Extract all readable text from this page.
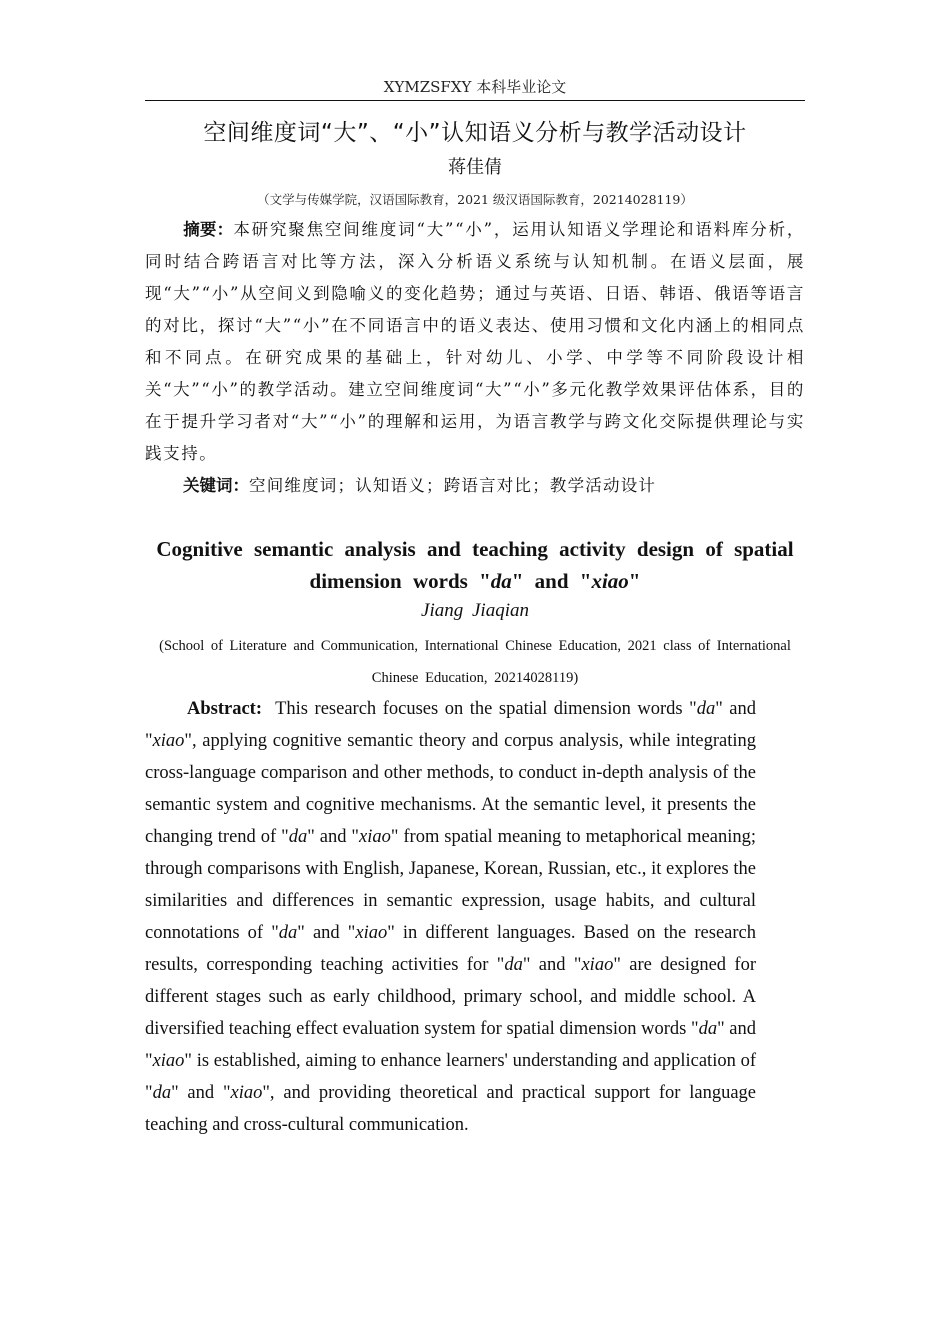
XYMZSFXY 本科毕业论文
空间维度词“大”、“小”认知语义分析与教学活动设计
蒋佳倩
（文学与传媒学院，汉语国际教育，2021 级汉语国际教育，20214028119）

摘要：本研究聚焦空间维度词“大”“小”，运用认知语义学理论和语料库分析，同时结合跨语言对比等方法，深入分析语义系统与认知机制。在语义层面，展现“大”“小”从空间义到隐喻义的变化趋势；通过与英语、日语、韩语、俄语等语言的对比，探讨“大”“小”在不同语言中的语义表达、使用习惯和文化内涵上的相同点和不同点。在研究成果的基础上，针对幼儿、小学、中学等不同阶段设计相关“大”“小”的教学活动。建立空间维度词“大”“小”多元化教学效果评估体系，目的在于提升学习者对“大”“小”的理解和运用，为语言教学与跨文化交际提供理论与实践支持。

关键词：空间维度词；认知语义；跨语言对比；教学活动设计

Cognitive semantic analysis and teaching activity design of spatial dimension words "da" and "xiao"
Jiang Jiaqian
(School of Literature and Communication, International Chinese Education, 2021 class of International Chinese Education, 20214028119)

Abstract: This research focuses on the spatial dimension words "da" and "xiao", applying cognitive semantic theory and corpus analysis, while integrating cross-language comparison and other methods, to conduct in-depth analysis of the semantic system and cognitive mechanisms. At the semantic level, it presents the changing trend of "da" and "xiao" from spatial meaning to metaphorical meaning; through comparisons with English, Japanese, Korean, Russian, etc., it explores the similarities and differences in semantic expression, usage habits, and cultural connotations of "da" and "xiao" in different languages. Based on the research results, corresponding teaching activities for "da" and "xiao" are designed for different stages such as early childhood, primary school, and middle school. A diversified teaching effect evaluation system for spatial dimension words "da" and "xiao" is established, aiming to enhance learners' understanding and application of "da" and "xiao", and providing theoretical and practical support for language teaching and cross-cultural communication.
